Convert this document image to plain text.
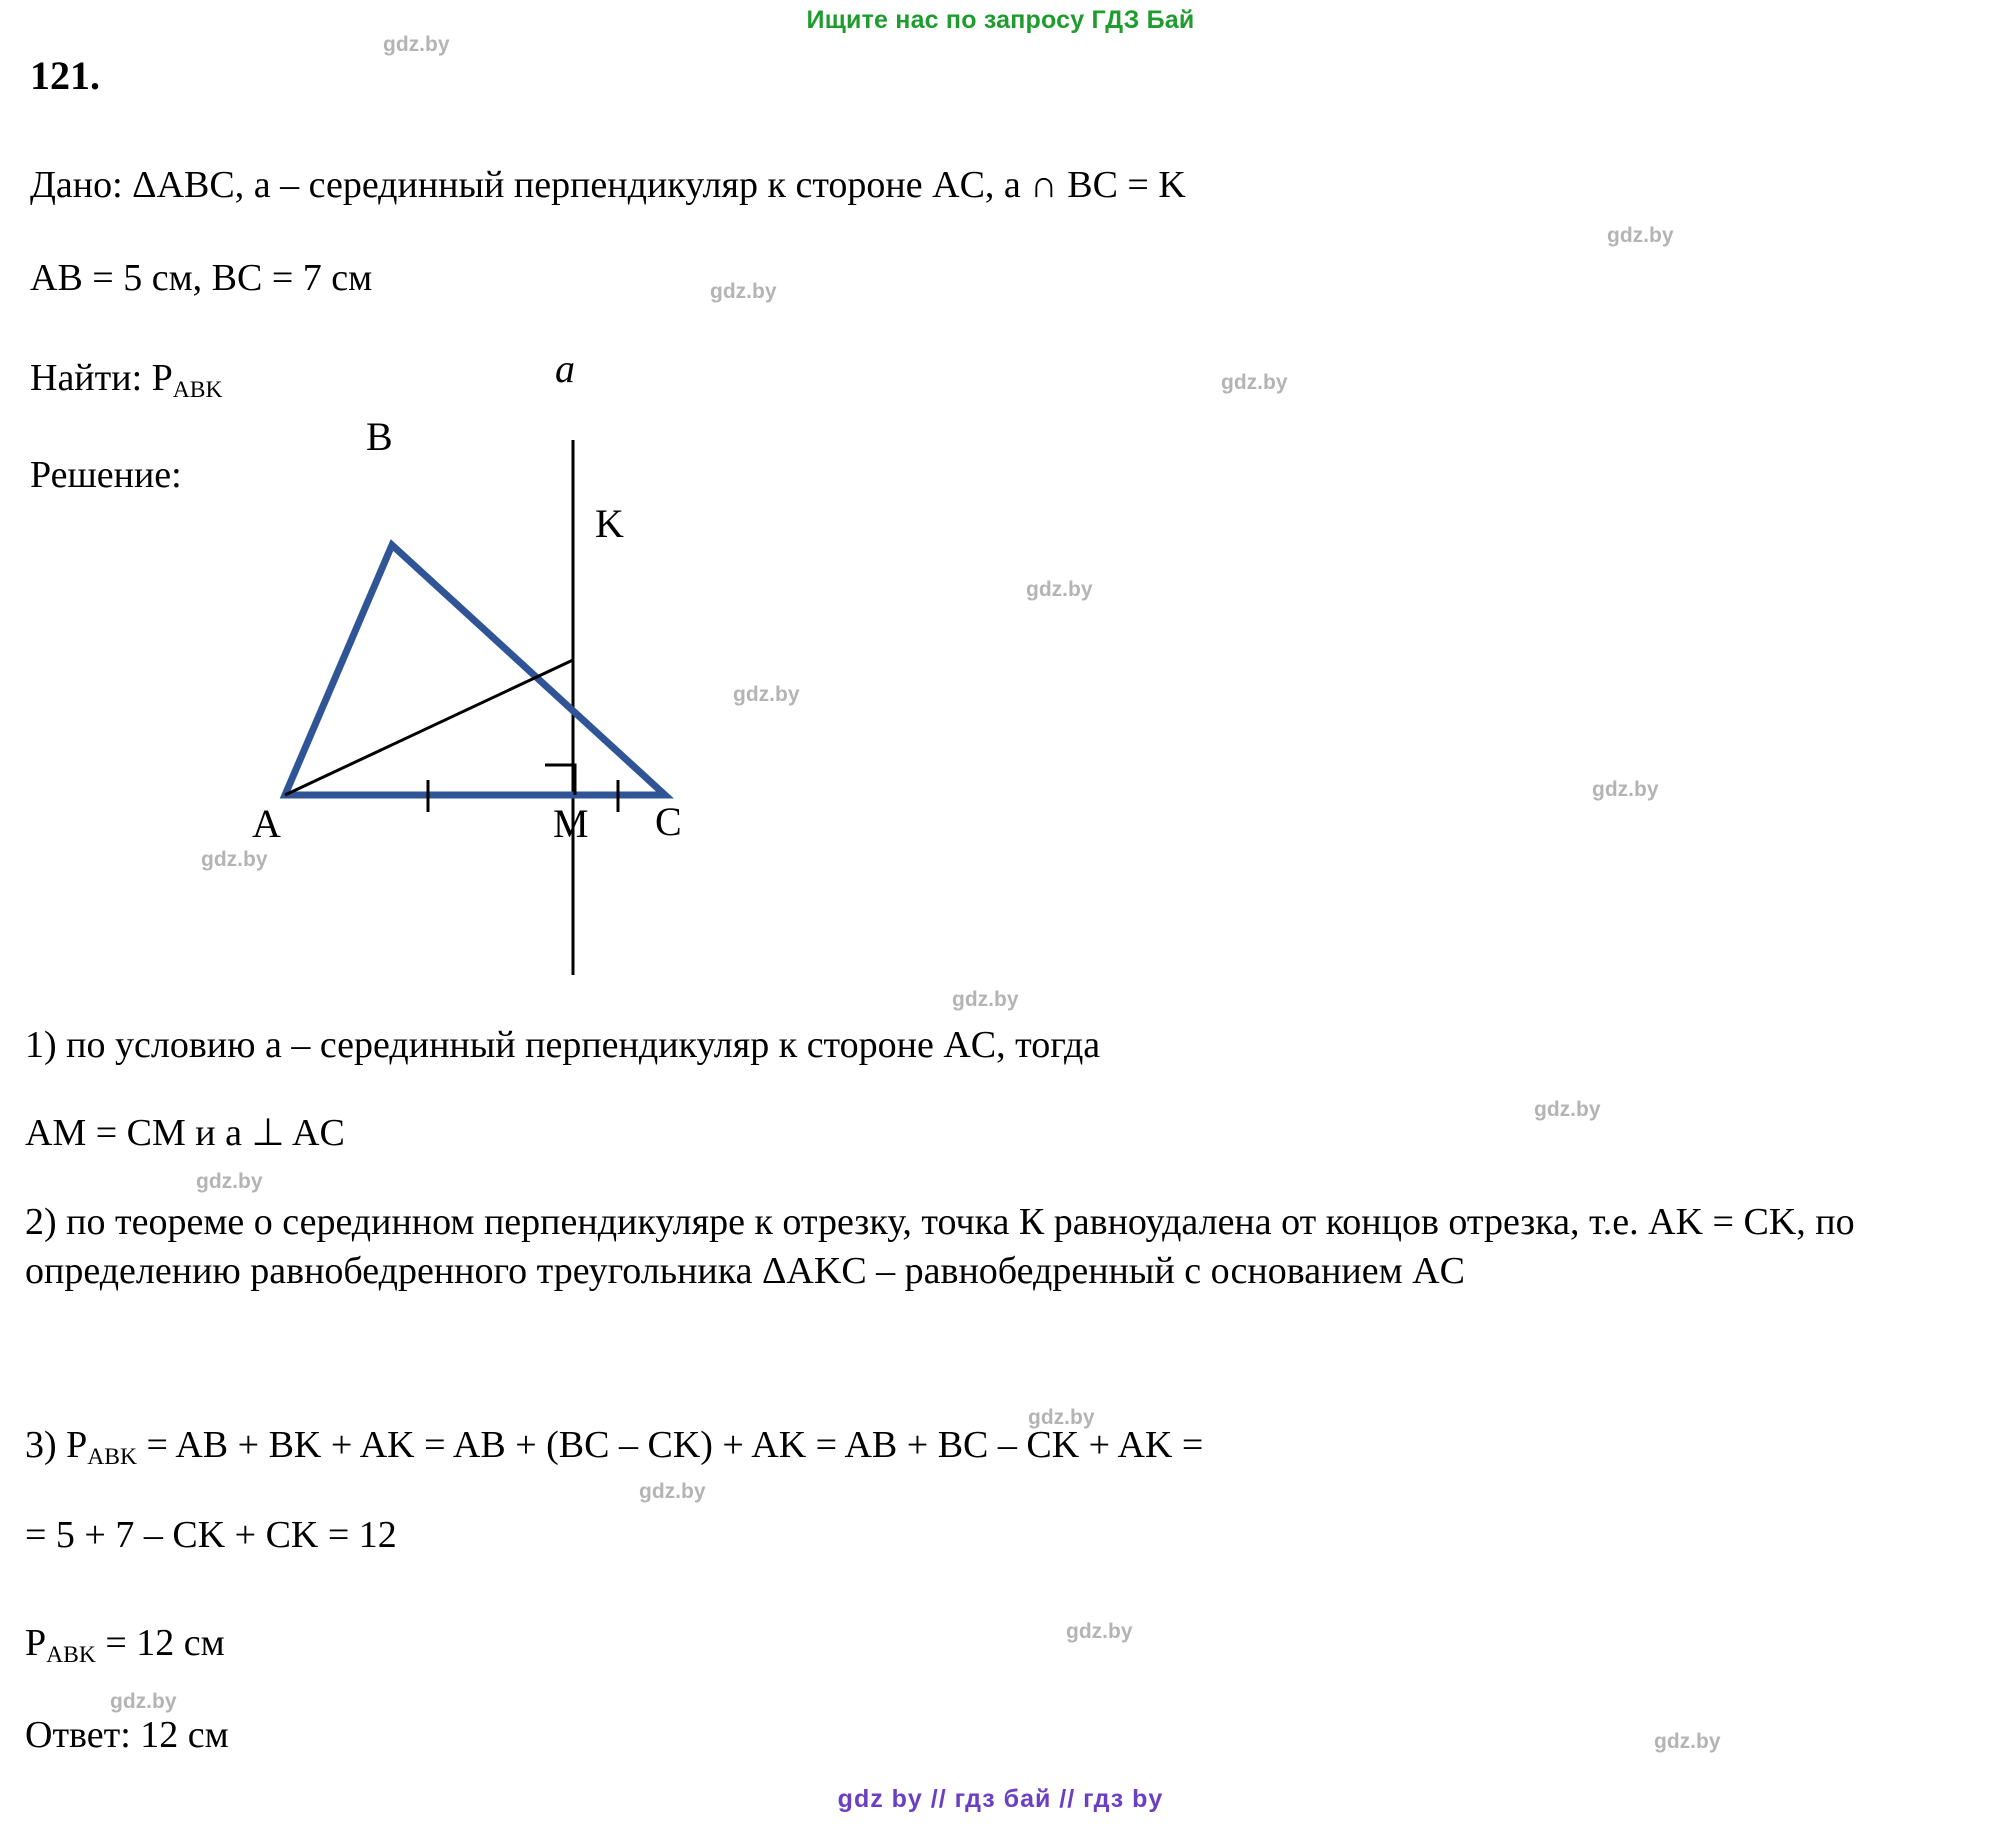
Ищите нас по запросу ГДЗ Бай
121.
Дано: ΔABC, a – серединный перпендикуляр к стороне AC, a ∩ BC = K
AB = 5 см, BC = 7 см
Найти: $P_{ABK}$
Решение:
a
B
K
A	M C
1) по условию a – серединный перпендикуляр к стороне AC, тогда
AM = CM и a ⊥ AC
2) по теореме о серединном перпендикуляре к отрезку, точка К равноудалена от концов отрезка, т.е. AK = CK, по определению равнобедренного треугольника ΔAKC – равнобедренный с основанием AC
3) $P_{ABK}$ = AB + BK + AK = AB + (BC – CK) + AK = AB + BC – CK + AK =
= 5 + 7 – CK + CK = 12
$P_{ABK} = 12$ см
Ответ: 12 см
gdz by // гдз бай // гдз by
gdz.by
gdz.by
gdz.by
gdz.by
gdz.by
gdz.by
gdz.by
gdz.by
gdz.by
gdz.by
gdz.by
gdz.by
gdz.by
gdz.by
gdz.by
gdz.by
